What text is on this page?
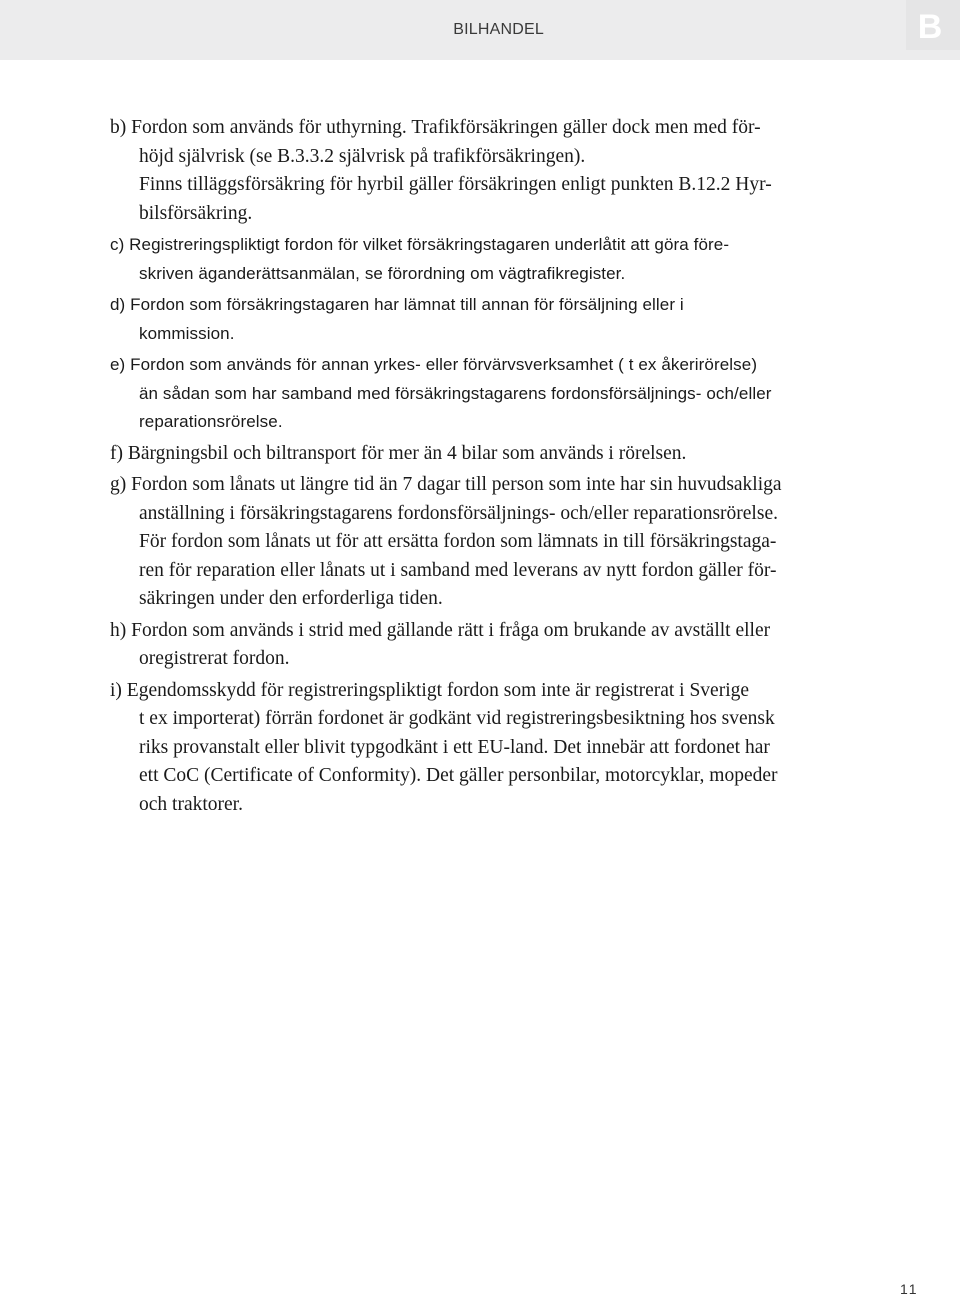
BILHANDEL	B
b) Fordon som används för uthyrning. Trafikförsäkringen gäller dock men med för-
höjd självrisk (se B.3.3.2 självrisk på trafikförsäkringen).
Finns tilläggsförsäkring för hyrbil gäller försäkringen enligt punkten B.12.2 Hyr-
bilsförsäkring.
c) Registreringspliktigt fordon för vilket försäkringstagaren underlåtit att göra före-
skriven äganderättsanmälan, se förordning om vägtrafikregister.
d) Fordon som försäkringstagaren har lämnat till annan för försäljning eller i
kommission.
e) Fordon som används för annan yrkes- eller förvärvsverksamhet ( t ex åkerirörelse)
än sådan som har samband med försäkringstagarens fordonsförsäljnings- och/eller
reparationsrörelse.
f) Bärgningsbil och biltransport för mer än 4 bilar som används i rörelsen.
g) Fordon som lånats ut längre tid än 7 dagar till person som inte har sin huvudsakliga
anställning i försäkringstagarens fordonsförsäljnings- och/eller reparationsrörelse.
För fordon som lånats ut för att ersätta fordon som lämnats in till försäkringstaga-
ren för reparation eller lånats ut i samband med leverans av nytt fordon gäller för-
säkringen under den erforderliga tiden.
h) Fordon som används i strid med gällande rätt i fråga om brukande av avställt eller
oregistrerat fordon.
i) Egendomsskydd för registreringspliktigt fordon som inte är registrerat i Sverige
t ex importerat) förrän fordonet är godkänt vid registreringsbesiktning hos svensk
riks provanstalt eller blivit typgodkänt i ett EU-land. Det innebär att fordonet har
ett CoC (Certificate of Conformity). Det gäller personbilar, motorcyklar, mopeder
och traktorer.
11
